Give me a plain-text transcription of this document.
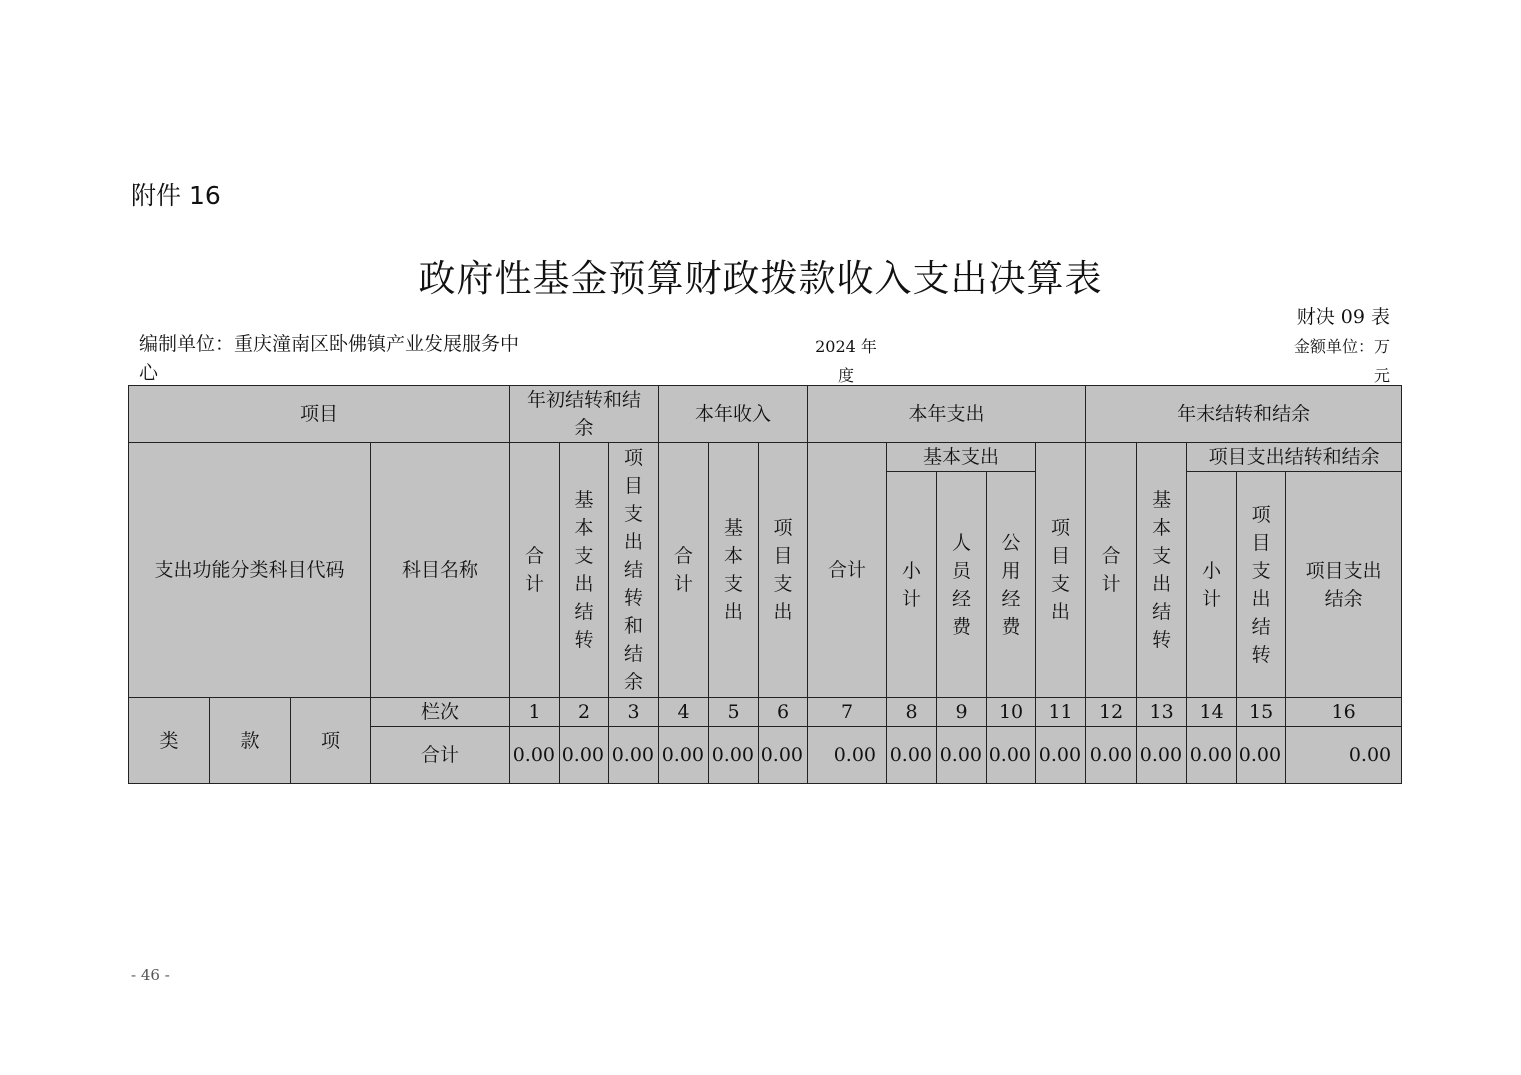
附件 16
政府性基金预算财政拨款收入支出决算表
财决 09 表
编制单位：重庆潼南区卧佛镇产业发展服务中心
2024 年度
金额单位：万元
项目				年初结转和结余			本年收入			本年支出					年末结转和结余				
支出功能分类科目代码			科目名称	合计	基本支出结转	项目支出结转和结余	合计	基本支出	项目支出	合计	基本支出			项目支出	合计	基本支出结转	项目支出结转和结余		
											小计	人员经费	公用经费				小计	项目支出结转	项目支出结余
类	款	项	栏次	1	2	3	4	5	6	7	8	9	10	11	12	13	14	15	16
			合计	0.00	0.00	0.00	0.00	0.00	0.00	0.00	0.00	0.00	0.00	0.00	0.00	0.00	0.00	0.00	0.00
- 46 -
